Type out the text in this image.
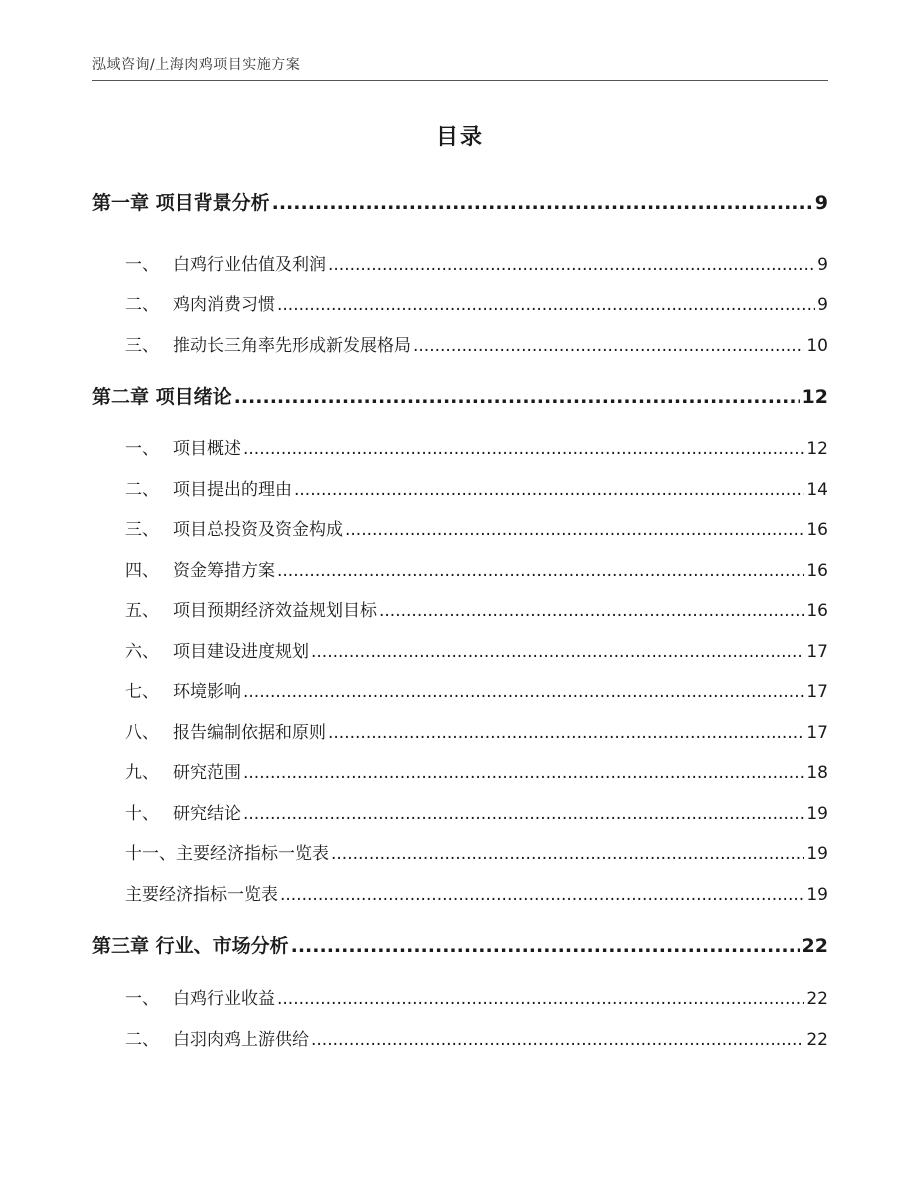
泓域咨询/上海肉鸡项目实施方案
目录
第一章 项目背景分析 .....	9
一、 白鸡行业估值及利润 .....	9
二、 鸡肉消费习惯 .....	9
三、 推动长三角率先形成新发展格局 .....	10
第二章 项目绪论 .....	12
一、 项目概述 .....	12
二、 项目提出的理由 .....	14
三、 项目总投资及资金构成 .....	16
四、 资金筹措方案 .....	16
五、 项目预期经济效益规划目标 .....	16
六、 项目建设进度规划 .....	17
七、 环境影响 .....	17
八、 报告编制依据和原则 .....	17
九、 研究范围 .....	18
十、 研究结论 .....	19
十一、主要经济指标一览表 .....	19
主要经济指标一览表 .....	19
第三章 行业、市场分析 .....	22
一、 白鸡行业收益 .....	22
二、 白羽肉鸡上游供给 .....	22
